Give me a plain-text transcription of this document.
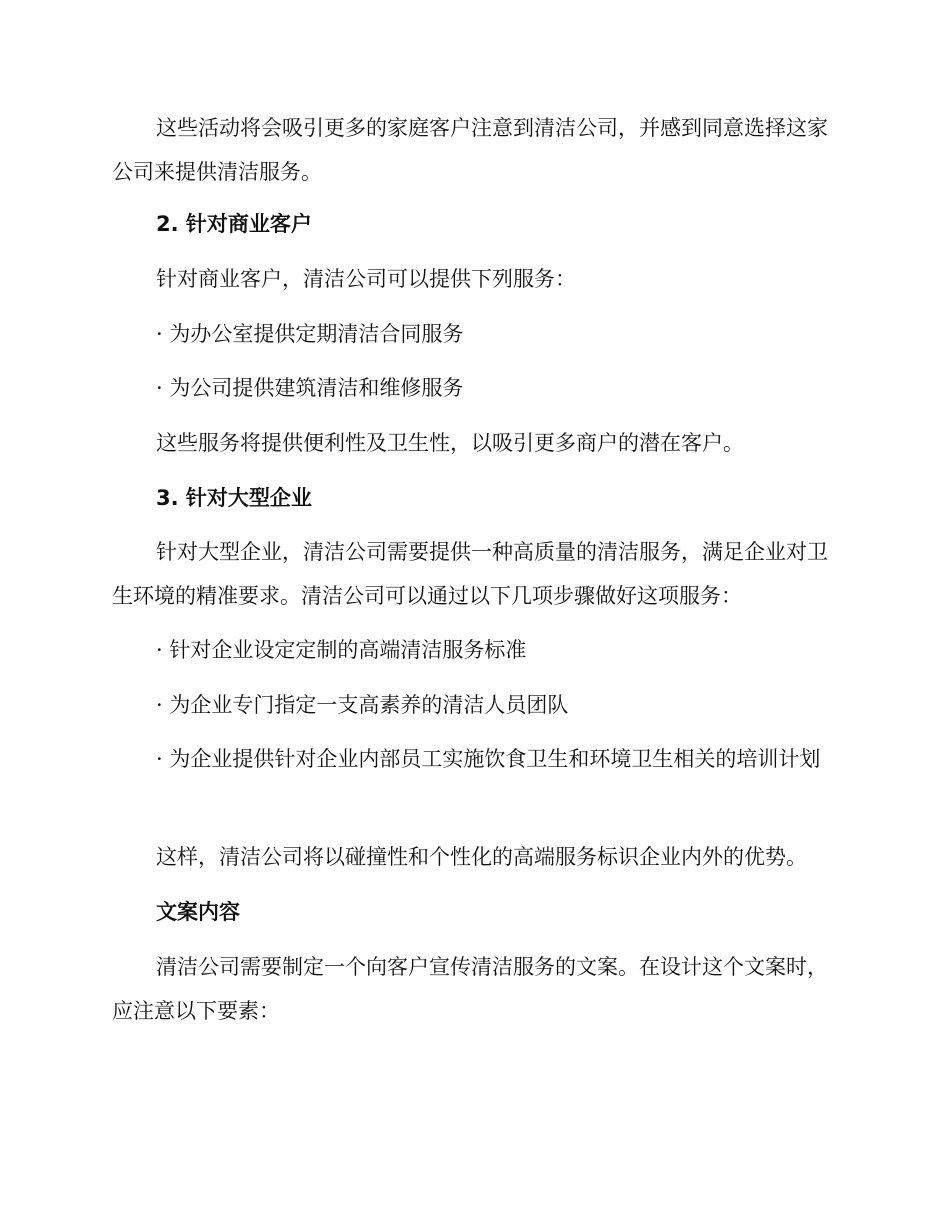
这些活动将会吸引更多的家庭客户注意到清洁公司，并感到同意选择这家公司来提供清洁服务。

2. 针对商业客户

针对商业客户，清洁公司可以提供下列服务：

· 为办公室提供定期清洁合同服务

· 为公司提供建筑清洁和维修服务

这些服务将提供便利性及卫生性，以吸引更多商户的潜在客户。

3. 针对大型企业

针对大型企业，清洁公司需要提供一种高质量的清洁服务，满足企业对卫生环境的精准要求。清洁公司可以通过以下几项步骤做好这项服务：

· 针对企业设定定制的高端清洁服务标准

· 为企业专门指定一支高素养的清洁人员团队

· 为企业提供针对企业内部员工实施饮食卫生和环境卫生相关的培训计划

这样，清洁公司将以碰撞性和个性化的高端服务标识企业内外的优势。

文案内容

清洁公司需要制定一个向客户宣传清洁服务的文案。在设计这个文案时，应注意以下要素：
